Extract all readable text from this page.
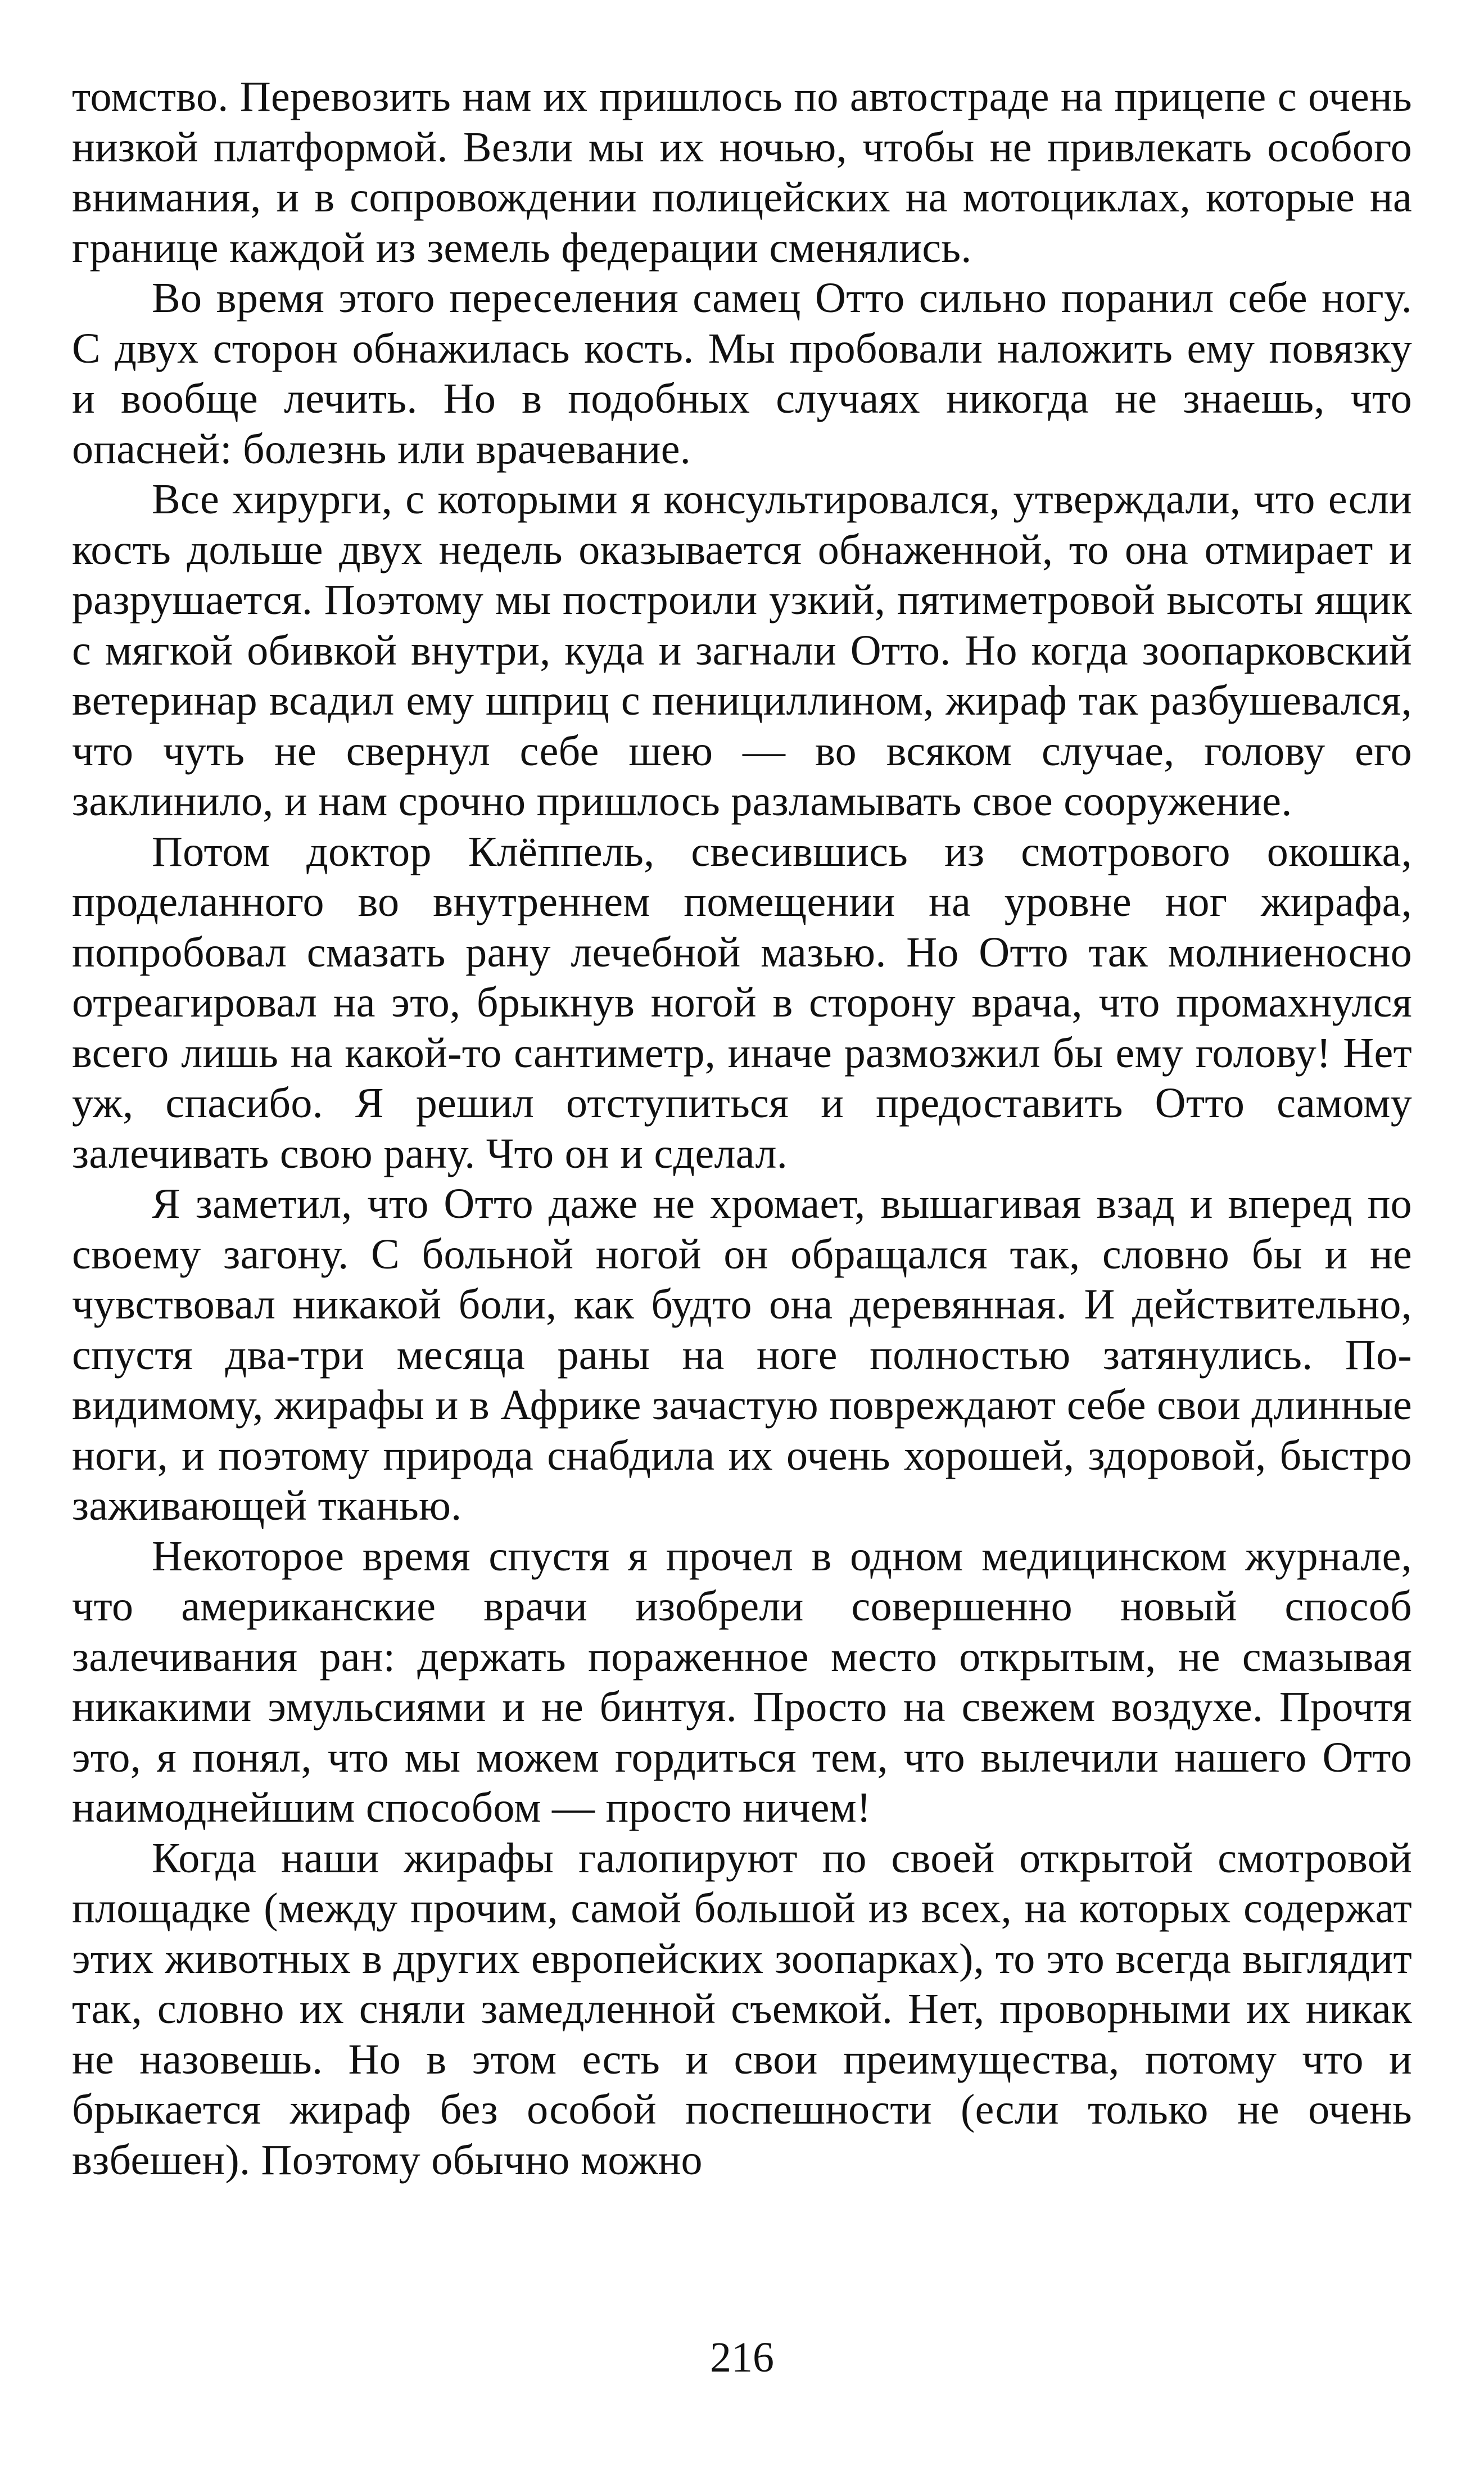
томство. Перевозить нам их пришлось по автостраде на прицепе с очень низкой платформой. Везли мы их ночью, чтобы не привлекать особого внимания, и в сопровождении полицейских на мотоциклах, которые на границе каждой из земель федерации сменялись.

Во время этого переселения самец Отто сильно поранил себе ногу. С двух сторон обнажилась кость. Мы пробовали наложить ему повязку и вообще лечить. Но в подобных случаях никогда не знаешь, что опасней: болезнь или врачевание.

Все хирурги, с которыми я консультировался, утверждали, что если кость дольше двух недель оказывается обнаженной, то она отмирает и разрушается. Поэтому мы построили узкий, пятиметровой высоты ящик с мягкой обивкой внутри, куда и загнали Отто. Но когда зоопарковский ветеринар всадил ему шприц с пенициллином, жираф так разбушевался, что чуть не свернул себе шею — во всяком случае, голову его заклинило, и нам срочно пришлось разламывать свое сооружение.

Потом доктор Клёппель, свесившись из смотрового окошка, проделанного во внутреннем помещении на уровне ног жирафа, попробовал смазать рану лечебной мазью. Но Отто так молниеносно отреагировал на это, брыкнув ногой в сторону врача, что промахнулся всего лишь на какой-то сантиметр, иначе размозжил бы ему голову! Нет уж, спасибо. Я решил отступиться и предоставить Отто самому залечивать свою рану. Что он и сделал.

Я заметил, что Отто даже не хромает, вышагивая взад и вперед по своему загону. С больной ногой он обращался так, словно бы и не чувствовал никакой боли, как будто она деревянная. И действительно, спустя два-три месяца раны на ноге полностью затянулись. По-видимому, жирафы и в Африке зачастую повреждают себе свои длинные ноги, и поэтому природа снабдила их очень хорошей, здоровой, быстро заживающей тканью.

Некоторое время спустя я прочел в одном медицинском журнале, что американские врачи изобрели совершенно новый способ залечивания ран: держать пораженное место открытым, не смазывая никакими эмульсиями и не бинтуя. Просто на свежем воздухе. Прочтя это, я понял, что мы можем гордиться тем, что вылечили нашего Отто наимоднейшим способом — просто ничем!

Когда наши жирафы галопируют по своей открытой смотровой площадке (между прочим, самой большой из всех, на которых содержат этих животных в других европейских зоопарках), то это всегда выглядит так, словно их сняли замедленной съемкой. Нет, проворными их никак не назовешь. Но в этом есть и свои преимущества, потому что и брыкается жираф без особой поспешности (если только не очень взбешен). Поэтому обычно можно

216
